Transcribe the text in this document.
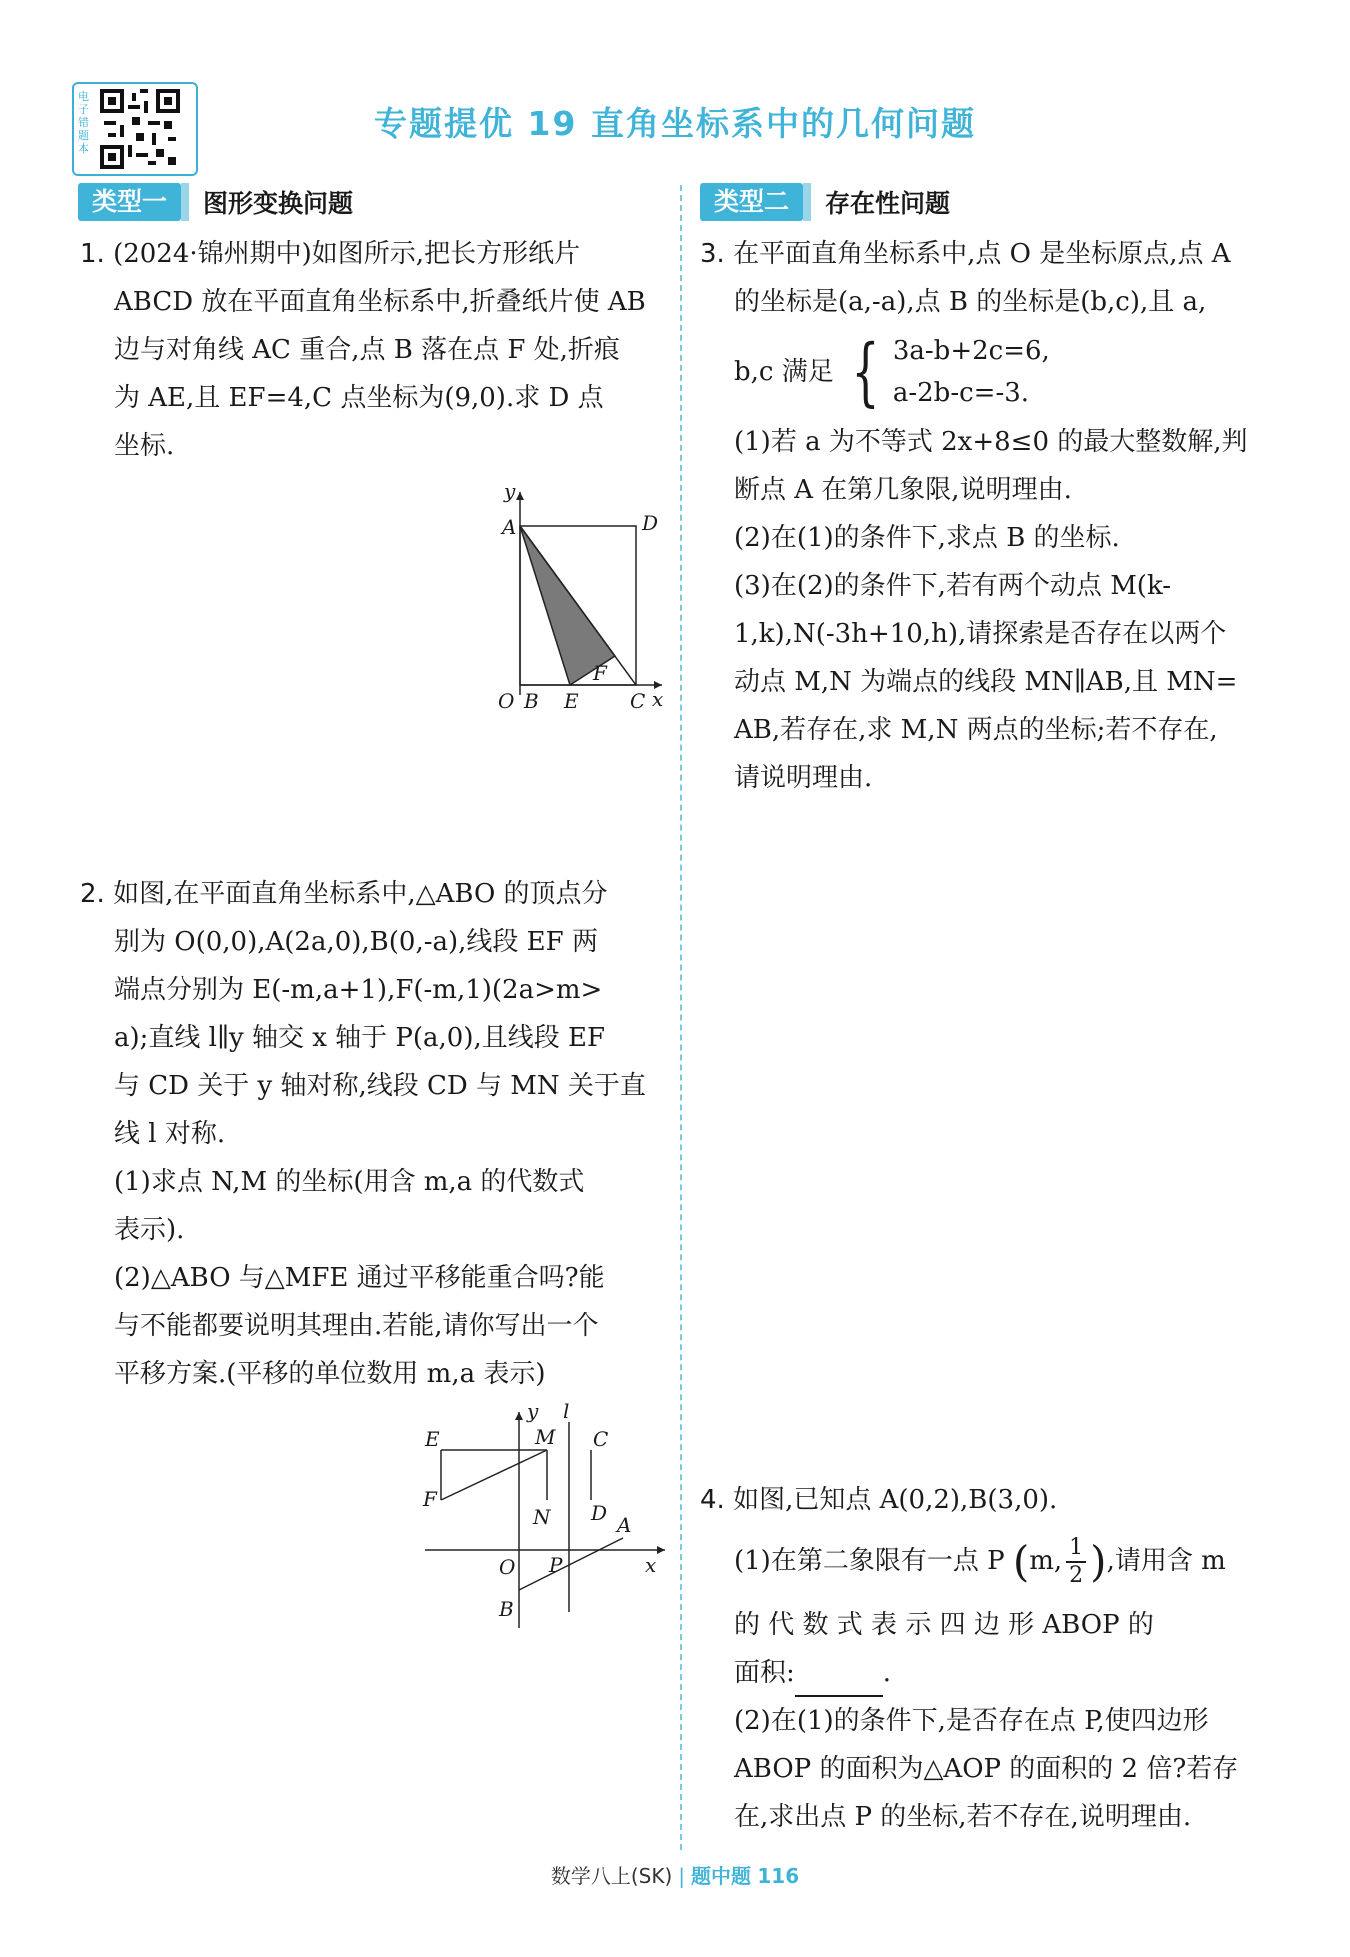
电子错题本
专题提优 19 直角坐标系中的几何问题
类型一	图形变换问题	类型二	存在性问题

1. (2024·锦州期中)如图所示,把长方形纸片

ABCD 放在平面直角坐标系中,折叠纸片使 AB

边与对角线 AC 重合,点 B 落在点 F 处,折痕

为 AE,且 EF=4,C 点坐标为(9,0).求 D 点

坐标.

y
A	D
O B E
F
C x

2. 如图,在平面直角坐标系中,△ABO 的顶点分

别为 O(0,0),A(2a,0),B(0,-a),线段 EF 两

端点分别为 E(-m,a+1),F(-m,1)(2a>m>

a);直线 l∥y 轴交 x 轴于 P(a,0),且线段 EF

与 CD 关于 y 轴对称,线段 CD 与 MN 关于直

线 l 对称.

(1)求点 N,M 的坐标(用含 m,a 的代数式

表示).

(2)△ABO 与△MFE 通过平移能重合吗?能

与不能都要说明其理由.若能,请你写出一个

平移方案.(平移的单位数用 m,a 表示)

E
F
y l
M C
N D A
O P	x
B

3. 在平面直角坐标系中,点 O 是坐标原点,点 A

的坐标是(a,-a),点 B 的坐标是(b,c),且 a,

b,c 满足 { 3a-b+2c=6,
a-2b-c=-3.

(1)若 a 为不等式 2x+8≤0 的最大整数解,判

断点 A 在第几象限,说明理由.

(2)在(1)的条件下,求点 B 的坐标.

(3)在(2)的条件下,若有两个动点 M(k-

1,k),N(-3h+10,h),请探索是否存在以两个

动点 M,N 为端点的线段 MN∥AB,且 MN=

AB,若存在,求 M,N 两点的坐标;若不存在,

请说明理由.

4. 如图,已知点 A(0,2),B(3,0).

(1)在第二象限有一点 P (m, $\frac{1}{2}$ ),请用含 m

的 代 数 式 表 示 四 边 形 ABOP 的

面积:	.

(2)在(1)的条件下,是否存在点 P,使四边形

ABOP 的面积为△AOP 的面积的 2 倍?若存

在,求出点 P 的坐标,若不存在,说明理由.

数学八上(SK) | 题中题 116
